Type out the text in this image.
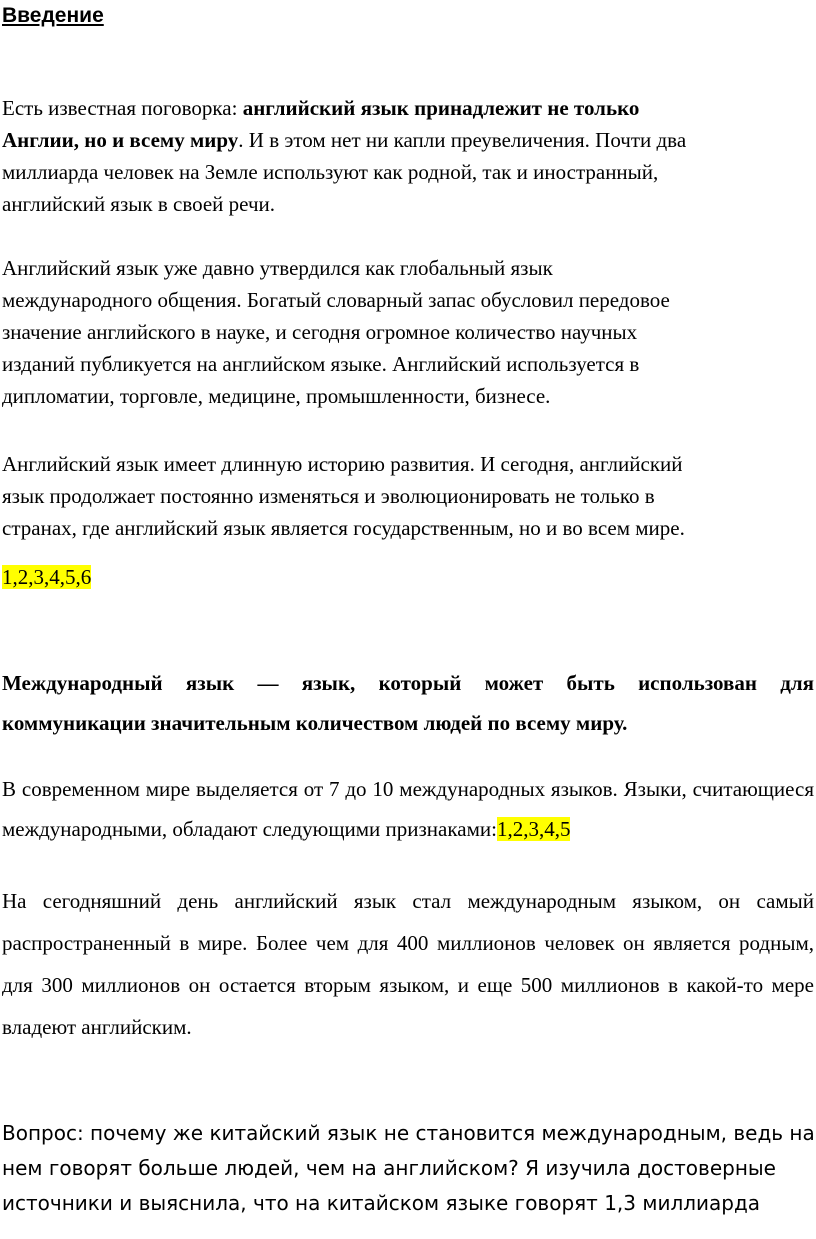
Введение

Есть известная поговорка: английский язык принадлежит не только
Англии, но и всему миру. И в этом нет ни капли преувеличения. Почти два
миллиарда человек на Земле используют как родной, так и иностранный,
английский язык в своей речи.

Английский язык уже давно утвердился как глобальный язык
международного общения. Богатый словарный запас обусловил передовое
значение английского в науке, и сегодня огромное количество научных
изданий публикуется на английском языке. Английский используется в
дипломатии, торговле, медицине, промышленности, бизнесе.

Английский язык имеет длинную историю развития. И сегодня, английский
язык продолжает постоянно изменяться и эволюционировать не только в
странах, где английский язык является государственным, но и во всем мире.

1,2,3,4,5,6

Международный язык — язык, который может быть использован для коммуникации значительным количеством людей по всему миру.

В современном мире выделяется от 7 до 10 международных языков. Языки, считающиеся международными, обладают следующими признаками:1,2,3,4,5

На сегодняшний день английский язык стал международным языком, он самый распространенный в мире. Более чем для 400 миллионов человек он является родным, для 300 миллионов он остается вторым языком, и еще 500 миллионов в какой-то мере владеют английским.

Вопрос: почему же китайский язык не становится международным, ведь на
нем говорят больше людей, чем на английском? Я изучила достоверные
источники и выяснила, что на китайском языке говорят 1,3 миллиарда
